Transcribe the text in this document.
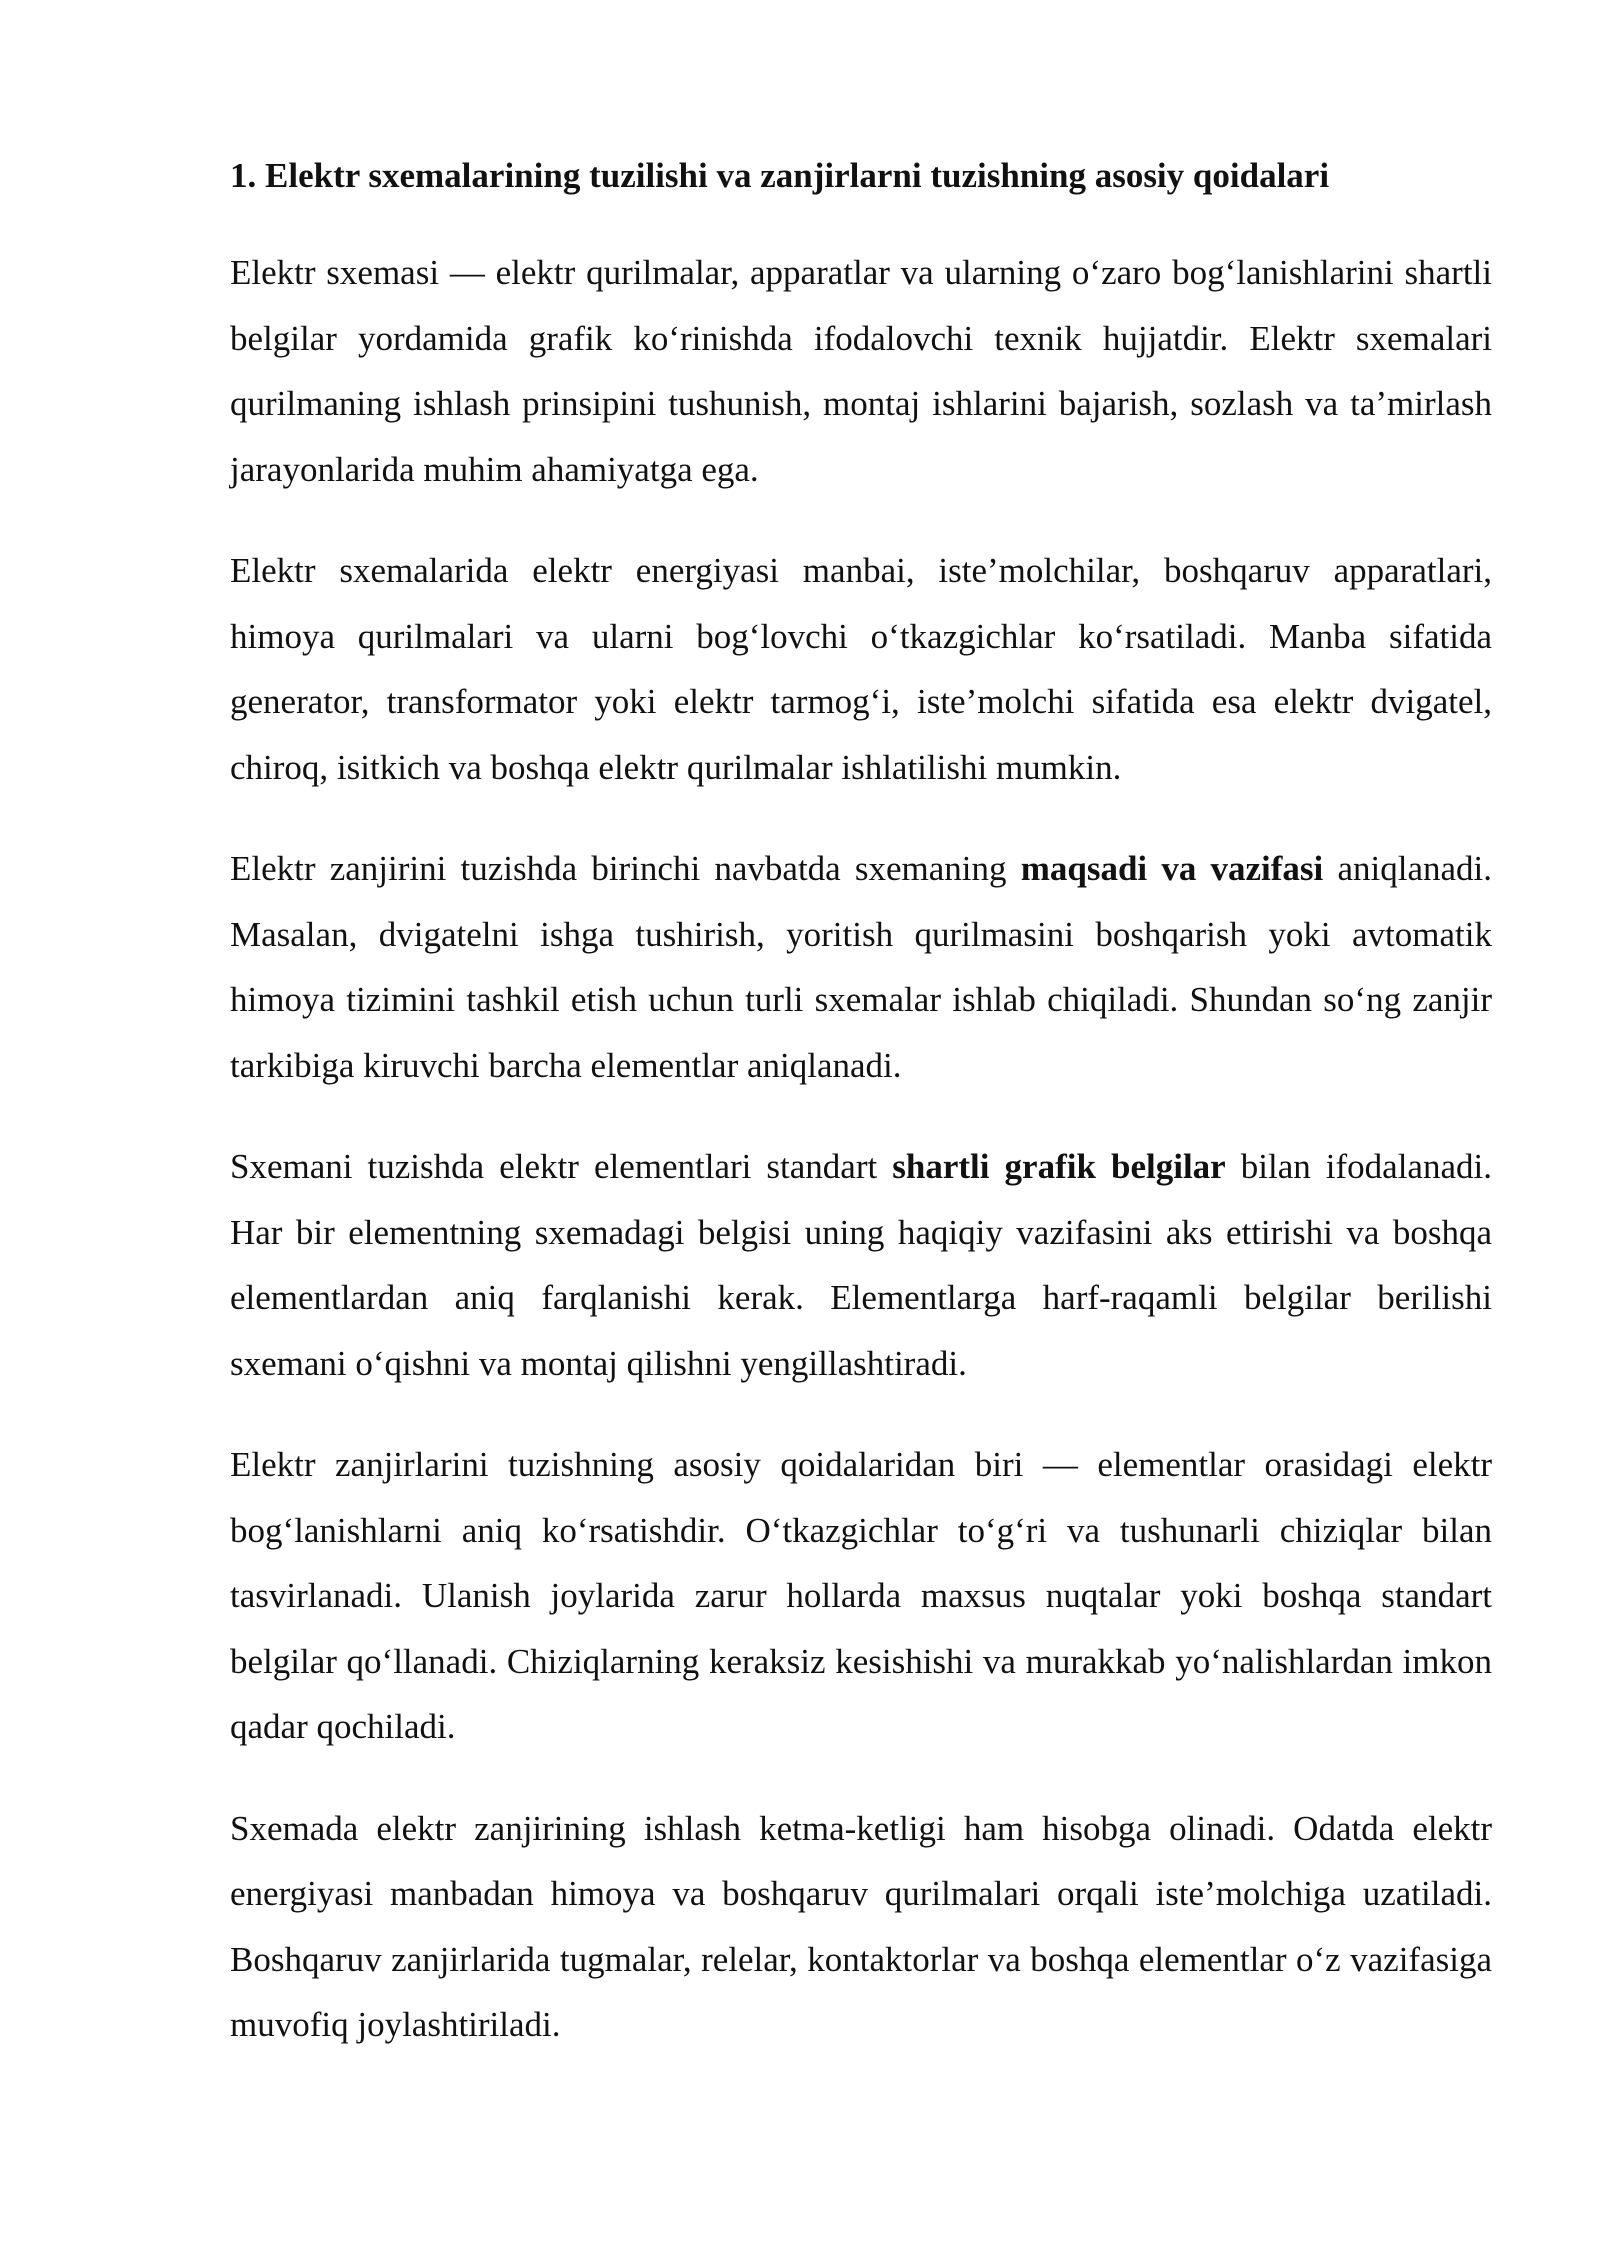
1. Elektr sxemalarining tuzilishi va zanjirlarni tuzishning asosiy qoidalari

Elektr sxemasi — elektr qurilmalar, apparatlar va ularning o‘zaro bog‘lanishlarini shartli belgilar yordamida grafik ko‘rinishda ifodalovchi texnik hujjatdir. Elektr sxemalari qurilmaning ishlash prinsipini tushunish, montaj ishlarini bajarish, sozlash va ta’mirlash jarayonlarida muhim ahamiyatga ega.

Elektr sxemalarida elektr energiyasi manbai, iste’molchilar, boshqaruv apparatlari, himoya qurilmalari va ularni bog‘lovchi o‘tkazgichlar ko‘rsatiladi. Manba sifatida generator, transformator yoki elektr tarmog‘i, iste’molchi sifatida esa elektr dvigatel, chiroq, isitkich va boshqa elektr qurilmalar ishlatilishi mumkin.

Elektr zanjirini tuzishda birinchi navbatda sxemaning maqsadi va vazifasi aniqlanadi. Masalan, dvigatelni ishga tushirish, yoritish qurilmasini boshqarish yoki avtomatik himoya tizimini tashkil etish uchun turli sxemalar ishlab chiqiladi. Shundan so‘ng zanjir tarkibiga kiruvchi barcha elementlar aniqlanadi.

Sxemani tuzishda elektr elementlari standart shartli grafik belgilar bilan ifodalanadi. Har bir elementning sxemadagi belgisi uning haqiqiy vazifasini aks ettirishi va boshqa elementlardan aniq farqlanishi kerak. Elementlarga harf-raqamli belgilar berilishi sxemani o‘qishni va montaj qilishni yengillashtiradi.

Elektr zanjirlarini tuzishning asosiy qoidalaridan biri — elementlar orasidagi elektr bog‘lanishlarni aniq ko‘rsatishdir. O‘tkazgichlar to‘g‘ri va tushunarli chiziqlar bilan tasvirlanadi. Ulanish joylarida zarur hollarda maxsus nuqtalar yoki boshqa standart belgilar qo‘llanadi. Chiziqlarning keraksiz kesishishi va murakkab yo‘nalishlardan imkon qadar qochiladi.

Sxemada elektr zanjirining ishlash ketma-ketligi ham hisobga olinadi. Odatda elektr energiyasi manbadan himoya va boshqaruv qurilmalari orqali iste’molchiga uzatiladi. Boshqaruv zanjirlarida tugmalar, relelar, kontaktorlar va boshqa elementlar o‘z vazifasiga muvofiq joylashtiriladi.
